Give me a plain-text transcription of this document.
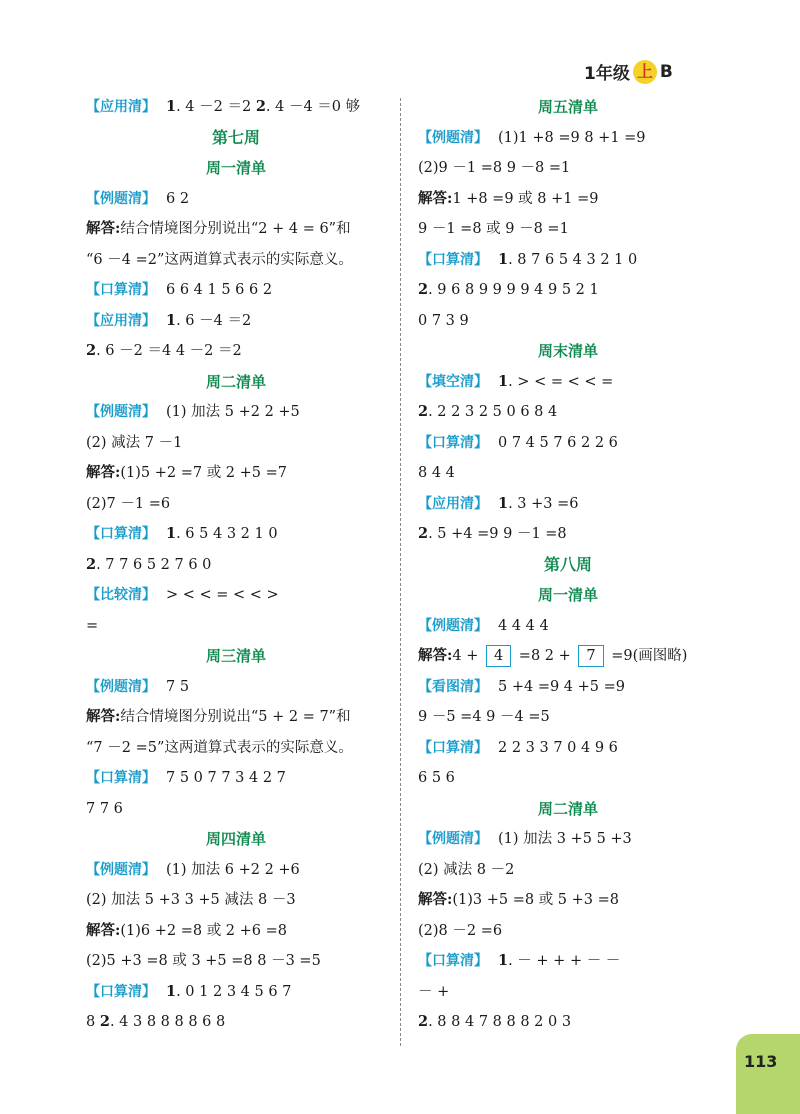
1年级 上 B
【应用清】 1. 4 －2 ＝2 2. 4 －4 ＝0 够
第七周
周一清单
【例题清】 6 2
解答:结合情境图分别说出“2 + 4 = 6”和
“6 －4 =2”这两道算式表示的实际意义。
【口算清】 6 6 4 1 5 6 6 2
【应用清】 1. 6 －4 ＝2
2. 6 －2 ＝4 4 －2 ＝2
周二清单
【例题清】 (1) 加法 5 +2 2 +5
(2) 减法 7 －1
解答:(1)5 +2 =7 或 2 +5 =7
(2)7 －1 =6
【口算清】 1. 6 5 4 3 2 1 0
2. 7 7 6 5 2 7 6 0
【比较清】 > < < = < < >
=
周三清单
【例题清】 7 5
解答:结合情境图分别说出“5 + 2 = 7”和
“7 －2 =5”这两道算式表示的实际意义。
【口算清】 7 5 0 7 7 3 4 2 7
7 7 6
周四清单
【例题清】 (1) 加法 6 +2 2 +6
(2) 加法 5 +3 3 +5 减法 8 －3
解答:(1)6 +2 =8 或 2 +6 =8
(2)5 +3 =8 或 3 +5 =8 8 －3 =5
【口算清】 1. 0 1 2 3 4 5 6 7
8 2. 4 3 8 8 8 8 6 8
周五清单
【例题清】 (1)1 +8 =9 8 +1 =9
(2)9 －1 =8 9 －8 =1
解答:1 +8 =9 或 8 +1 =9
9 －1 =8 或 9 －8 =1
【口算清】 1. 8 7 6 5 4 3 2 1 0
2. 9 6 8 9 9 9 9 4 9 5 2 1
0 7 3 9
周末清单
【填空清】 1. > < = < < =
2. 2 2 3 2 5 0 6 8 4
【口算清】 0 7 4 5 7 6 2 2 6
8 4 4
【应用清】 1. 3 +3 =6
2. 5 +4 =9 9 －1 =8
第八周
周一清单
【例题清】 4 4 4 4
解答:4 + 4 =8 2 + 7 =9(画图略)
【看图清】 5 +4 =9 4 +5 =9
9 －5 =4 9 －4 =5
【口算清】 2 2 3 3 7 0 4 9 6
6 5 6
周二清单
【例题清】 (1) 加法 3 +5 5 +3
(2) 减法 8 －2
解答:(1)3 +5 =8 或 5 +3 =8
(2)8 －2 =6
【口算清】 1. － + + + － －
－ +
2. 8 8 4 7 8 8 8 2 0 3
113
